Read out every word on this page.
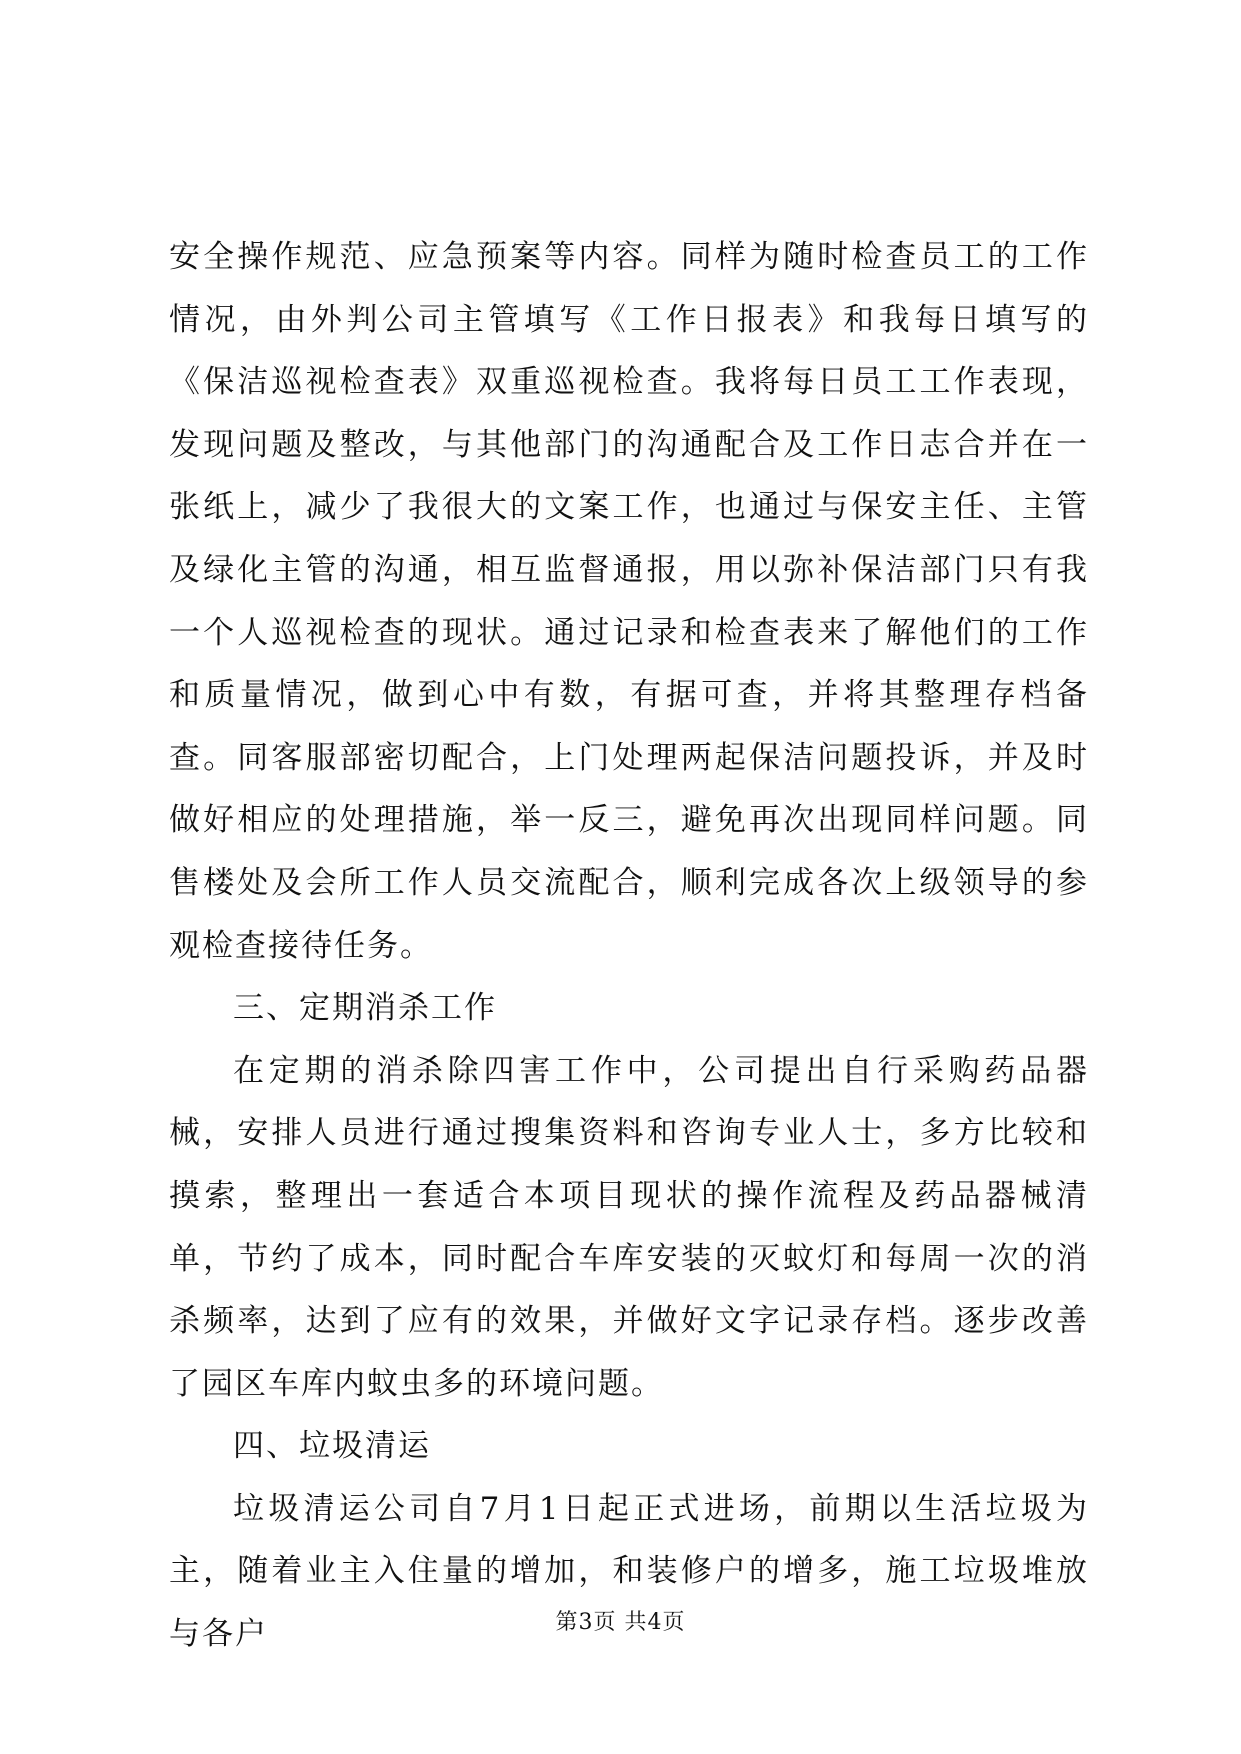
安全操作规范、应急预案等内容。同样为随时检查员工的工作情况，由外判公司主管填写《工作日报表》和我每日填写的《保洁巡视检查表》双重巡视检查。我将每日员工工作表现，发现问题及整改，与其他部门的沟通配合及工作日志合并在一张纸上，减少了我很大的文案工作，也通过与保安主任、主管及绿化主管的沟通，相互监督通报，用以弥补保洁部门只有我一个人巡视检查的现状。通过记录和检查表来了解他们的工作和质量情况，做到心中有数，有据可查，并将其整理存档备查。同客服部密切配合，上门处理两起保洁问题投诉，并及时做好相应的处理措施，举一反三，避免再次出现同样问题。同售楼处及会所工作人员交流配合，顺利完成各次上级领导的参观检查接待任务。

三、定期消杀工作

在定期的消杀除四害工作中，公司提出自行采购药品器械，安排人员进行通过搜集资料和咨询专业人士，多方比较和摸索，整理出一套适合本项目现状的操作流程及药品器械清单，节约了成本，同时配合车库安装的灭蚊灯和每周一次的消杀频率，达到了应有的效果，并做好文字记录存档。逐步改善了园区车库内蚊虫多的环境问题。

四、垃圾清运

垃圾清运公司自7月1日起正式进场，前期以生活垃圾为主，随着业主入住量的增加，和装修户的增多，施工垃圾堆放与各户	第3页 共4页
